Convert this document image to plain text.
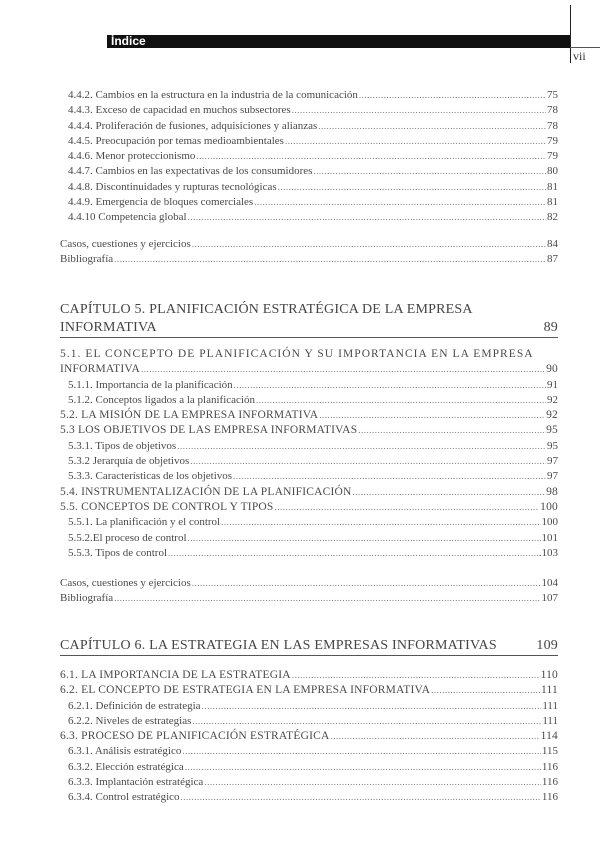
Índice
vii
4.4.2. Cambios en la estructura en la industria de la comunicación .....	75
4.4.3. Exceso de capacidad en muchos subsectores .....	78
4.4.4. Proliferación de fusiones, adquisiciones y alianzas .....	78
4.4.5. Preocupación por temas medioambientales .....	79
4.4.6. Menor proteccionismo .....	79
4.4.7. Cambios en las expectativas de los consumidores .....	80
4.4.8. Discontinuidades y rupturas tecnológicas .....	81
4.4.9. Emergencia de bloques comerciales .....	81
4.4.10 Competencia global .....	82
Casos, cuestiones y ejercicios .....	84
Bibliografía .....	87
CAPÍTULO 5. PLANIFICACIÓN ESTRATÉGICA DE LA EMPRESA
INFORMATIVA	89
5.1. EL CONCEPTO DE PLANIFICACIÓN Y SU IMPORTANCIA EN LA EMPRESA
INFORMATIVA .....	90
5.1.1. Importancia de la planificación .....	91
5.1.2. Conceptos ligados a la planificación .....	92
5.2. LA MISIÓN DE LA EMPRESA INFORMATIVA .....	92
5.3 LOS OBJETIVOS DE LAS EMPRESA INFORMATIVAS .....	95
5.3.1. Tipos de objetivos .....	95
5.3.2 Jerarquía de objetivos .....	97
5.3.3. Características de los objetivos .....	97
5.4. INSTRUMENTALIZACIÓN DE LA PLANIFICACIÓN .....	98
5.5. CONCEPTOS DE CONTROL Y TIPOS .....	100
5.5.1. La planificación y el control .....	100
5.5.2.El proceso de control .....	101
5.5.3. Tipos de control .....	.103
Casos, cuestiones y ejercicios .....	104
Bibliografía .....	107
CAPÍTULO 6. LA ESTRATEGIA EN LAS EMPRESAS INFORMATIVAS	109
6.1. LA IMPORTANCIA DE LA ESTRATEGIA .....	110
6.2. EL CONCEPTO DE ESTRATEGIA EN LA EMPRESA INFORMATIVA .....	111
6.2.1. Definición de estrategia .....	111
6.2.2. Niveles de estrategias .....	111
6.3. PROCESO DE PLANIFICACIÓN ESTRATÉGICA .....	114
6.3.1. Análisis estratégico .....	115
6.3.2. Elección estratégica .....	116
6.3.3. Implantación estratégica .....	116
6.3.4. Control estratégico .....	116
